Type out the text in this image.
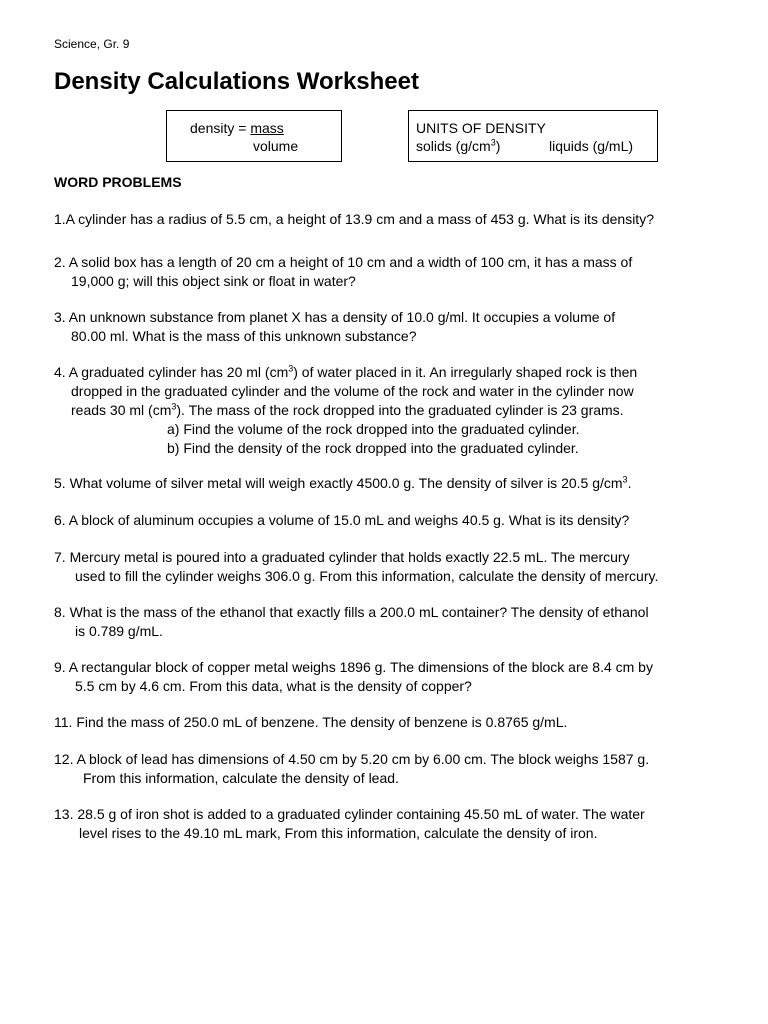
Science, Gr. 9
Density Calculations Worksheet
density = mass
volume
UNITS OF DENSITY
solids $(g/cm^3)$	liquids (g/mL)
WORD PROBLEMS
1.A cylinder has a radius of 5.5 cm, a height of 13.9 cm and a mass of 453 g. What is its density?
2. A solid box has a length of 20 cm a height of 10 cm and a width of 100 cm, it has a mass of
19,000 g; will this object sink or float in water?
3. An unknown substance from planet X has a density of 10.0 g/ml. It occupies a volume of
80.00 ml. What is the mass of this unknown substance?
4. A graduated cylinder has 20 ml $(cm^3)$ of water placed in it. An irregularly shaped rock is then
dropped in the graduated cylinder and the volume of the rock and water in the cylinder now
reads 30 ml $(cm^3)$. The mass of the rock dropped into the graduated cylinder is 23 grams.
a) Find the volume of the rock dropped into the graduated cylinder.
b) Find the density of the rock dropped into the graduated cylinder.
5. What volume of silver metal will weigh exactly 4500.0 g. The density of silver is 20.5 $g/cm^3$.
6. A block of aluminum occupies a volume of 15.0 mL and weighs 40.5 g. What is its density?
7. Mercury metal is poured into a graduated cylinder that holds exactly 22.5 mL. The mercury
used to fill the cylinder weighs 306.0 g. From this information, calculate the density of mercury.
8. What is the mass of the ethanol that exactly fills a 200.0 mL container? The density of ethanol
is 0.789 g/mL.
9. A rectangular block of copper metal weighs 1896 g. The dimensions of the block are 8.4 cm by
5.5 cm by 4.6 cm. From this data, what is the density of copper?
11. Find the mass of 250.0 mL of benzene. The density of benzene is 0.8765 g/mL.
12. A block of lead has dimensions of 4.50 cm by 5.20 cm by 6.00 cm. The block weighs 1587 g.
From this information, calculate the density of lead.
13. 28.5 g of iron shot is added to a graduated cylinder containing 45.50 mL of water. The water
level rises to the 49.10 mL mark, From this information, calculate the density of iron.
